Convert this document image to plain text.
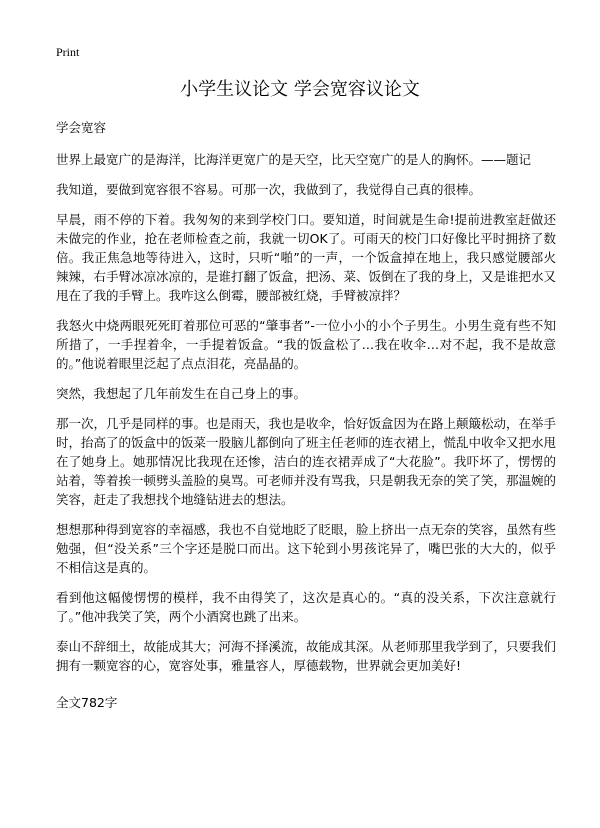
Print
小学生议论文 学会宽容议论文

学会宽容

世界上最宽广的是海洋，比海洋更宽广的是天空，比天空宽广的是人的胸怀。——题记

我知道，要做到宽容很不容易。可那一次，我做到了，我觉得自己真的很棒。

早晨，雨不停的下着。我匆匆的来到学校门口。要知道，时间就是生命!提前进教室赶做还未做完的作业，抢在老师检查之前，我就一切OK了。可雨天的校门口好像比平时拥挤了数倍。我正焦急地等待进入，这时，只听“啪”的一声，一个饭盒掉在地上，我只感觉腰部火辣辣，右手臂冰凉冰凉的，是谁打翻了饭盒，把汤、菜、饭倒在了我的身上，又是谁把水又甩在了我的手臂上。我咋这么倒霉，腰部被红烧，手臂被凉拌？

我怒火中烧两眼死死盯着那位可恶的“肇事者”-一位小小的小个子男生。小男生竟有些不知所措了，一手捏着伞，一手提着饭盒。“我的饭盒松了…我在收伞…对不起，我不是故意的。”他说着眼里泛起了点点泪花，亮晶晶的。

突然，我想起了几年前发生在自己身上的事。

那一次，几乎是同样的事。也是雨天，我也是收伞，恰好饭盒因为在路上颠簸松动，在举手时，抬高了的饭盒中的饭菜一股脑儿都倒向了班主任老师的连衣裙上，慌乱中收伞又把水甩在了她身上。她那情况比我现在还惨，洁白的连衣裙弄成了“大花脸”。我吓坏了，愣愣的站着，等着挨一顿劈头盖脸的臭骂。可老师并没有骂我，只是朝我无奈的笑了笑，那温婉的笑容，赶走了我想找个地缝钻进去的想法。

想想那种得到宽容的幸福感，我也不自觉地眨了眨眼，脸上挤出一点无奈的笑容，虽然有些勉强，但“没关系”三个字还是脱口而出。这下轮到小男孩诧异了，嘴巴张的大大的，似乎不相信这是真的。

看到他这幅傻愣愣的模样，我不由得笑了，这次是真心的。“真的没关系，下次注意就行了。”他冲我笑了笑，两个小酒窝也跳了出来。

泰山不辞细土，故能成其大；河海不择溪流，故能成其深。从老师那里我学到了，只要我们拥有一颗宽容的心，宽容处事，雅量容人，厚德载物，世界就会更加美好!

全文782字
